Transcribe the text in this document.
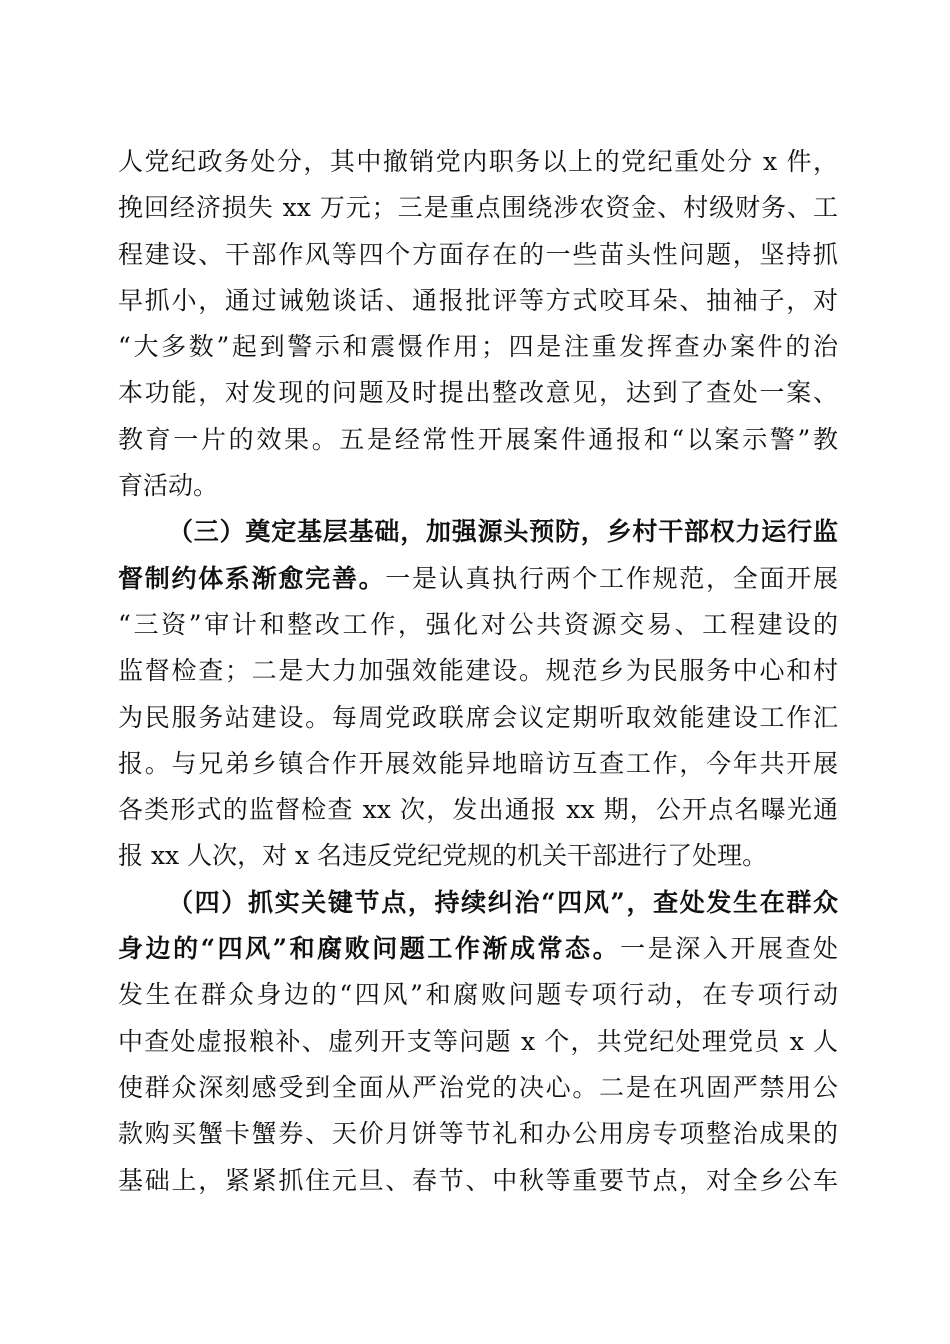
人党纪政务处分，其中撤销党内职务以上的党纪重处分 x 件，
挽回经济损失 xx 万元；三是重点围绕涉农资金、村级财务、工
程建设、干部作风等四个方面存在的一些苗头性问题，坚持抓
早抓小，通过诫勉谈话、通报批评等方式咬耳朵、抽袖子，对
“大多数”起到警示和震慑作用；四是注重发挥查办案件的治
本功能，对发现的问题及时提出整改意见，达到了查处一案、
教育一片的效果。五是经常性开展案件通报和“以案示警”教
育活动。
（三）奠定基层基础，加强源头预防，乡村干部权力运行监
督制约体系渐愈完善。一是认真执行两个工作规范，全面开展
“三资”审计和整改工作，强化对公共资源交易、工程建设的
监督检查；二是大力加强效能建设。规范乡为民服务中心和村
为民服务站建设。每周党政联席会议定期听取效能建设工作汇
报。与兄弟乡镇合作开展效能异地暗访互查工作，今年共开展
各类形式的监督检查 xx 次，发出通报 xx 期，公开点名曝光通
报 xx 人次，对 x 名违反党纪党规的机关干部进行了处理。
（四）抓实关键节点，持续纠治“四风”，查处发生在群众
身边的“四风”和腐败问题工作渐成常态。一是深入开展查处
发生在群众身边的“四风”和腐败问题专项行动，在专项行动
中查处虚报粮补、虚列开支等问题 x 个，共党纪处理党员 x 人
使群众深刻感受到全面从严治党的决心。二是在巩固严禁用公
款购买蟹卡蟹券、天价月饼等节礼和办公用房专项整治成果的
基础上，紧紧抓住元旦、春节、中秋等重要节点，对全乡公车
